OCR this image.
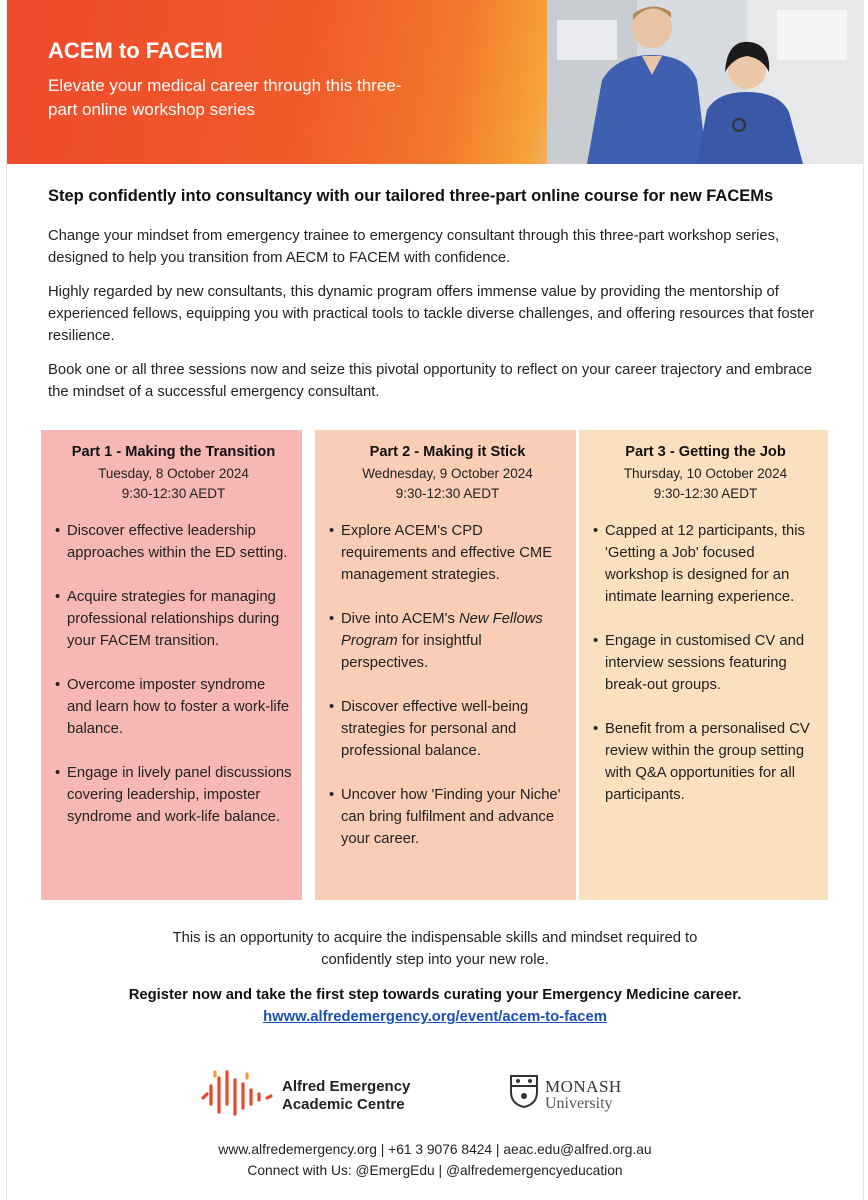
ACEM to FACEM
Elevate your medical career through this three-part online workshop series
Step confidently into consultancy with our tailored three-part online course for new FACEMs

Change your mindset from emergency trainee to emergency consultant through this three-part workshop series, designed to help you transition from AECM to FACEM with confidence.

Highly regarded by new consultants, this dynamic program offers immense value by providing the mentorship of experienced fellows, equipping you with practical tools to tackle diverse challenges, and offering resources that foster resilience.

Book one or all three sessions now and seize this pivotal opportunity to reflect on your career trajectory and embrace the mindset of a successful emergency consultant.

Part 1 - Making the Transition
Tuesday, 8 October 2024
9:30-12:30 AEDT
• Discover effective leadership approaches within the ED setting.
• Acquire strategies for managing professional relationships during your FACEM transition.
• Overcome imposter syndrome and learn how to foster a work-life balance.
• Engage in lively panel discussions covering leadership, imposter syndrome and work-life balance.
Part 2 - Making it Stick
Wednesday, 9 October 2024
9:30-12:30 AEDT
• Explore ACEM's CPD requirements and effective CME management strategies.
• Dive into ACEM's New Fellows Program for insightful perspectives.
• Discover effective well-being strategies for personal and professional balance.
• Uncover how 'Finding your Niche' can bring fulfilment and advance your career.
Part 3 - Getting the Job
Thursday, 10 October 2024
9:30-12:30 AEDT
• Capped at 12 participants, this 'Getting a Job' focused workshop is designed for an intimate learning experience.
• Engage in customised CV and interview sessions featuring break-out groups.
• Benefit from a personalised CV review within the group setting with Q&A opportunities for all participants.
This is an opportunity to acquire the indispensable skills and mindset required to confidently step into your new role.
Register now and take the first step towards curating your Emergency Medicine career.
hwww.alfredemergency.org/event/acem-to-facem
Alfred Emergency Academic Centre
MONASH
University
www.alfredemergency.org | +61 3 9076 8424 | aeac.edu@alfred.org.au
Connect with Us: @EmergEdu | @alfredemergencyeducation
